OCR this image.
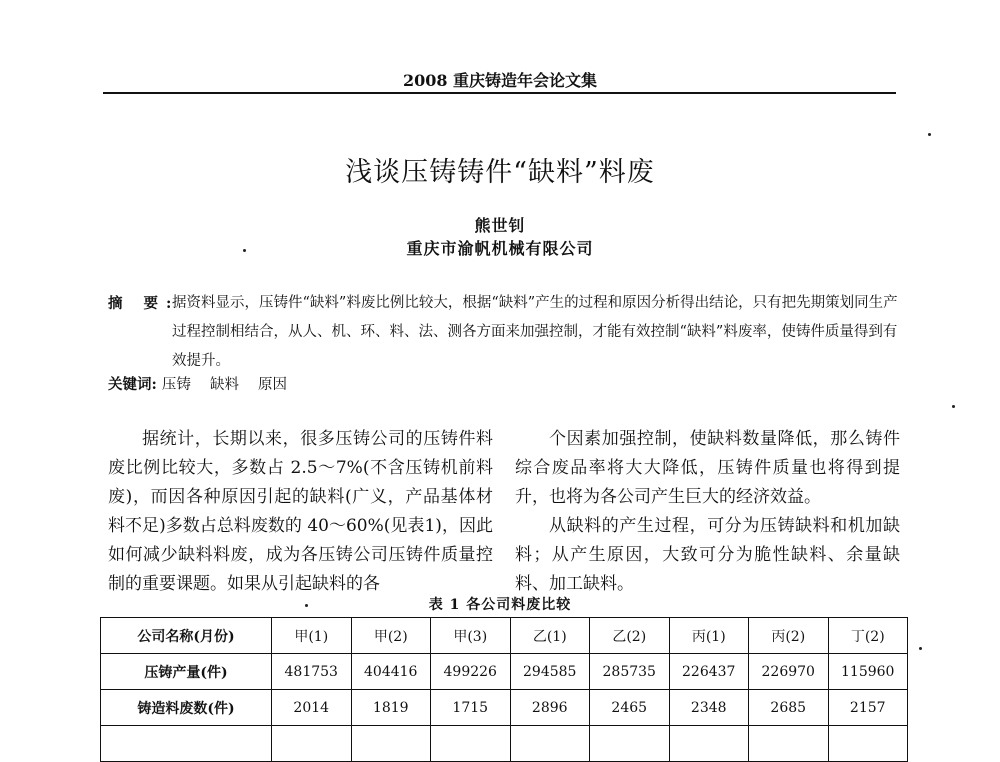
2008 重庆铸造年会论文集
浅谈压铸铸件“缺料”料废
熊世钊
重庆市渝帆机械有限公司
摘 要:
据资料显示，压铸件“缺料”料废比例比较大，根据“缺料”产生的过程和原因分析得出结论，只有把先期策划同生产过程控制相结合，从人、机、环、料、法、测各方面来加强控制，才能有效控制“缺料”料废率，使铸件质量得到有效提升。
关键词: 压铸 缺料 原因

据统计，长期以来，很多压铸公司的压铸件料废比例比较大，多数占 2.5～7%(不含压铸机前料废)，而因各种原因引起的缺料(广义，产品基体材料不足)多数占总料废数的 40～60%(见表1)，因此如何减少缺料料废，成为各压铸公司压铸件质量控制的重要课题。如果从引起缺料的各

个因素加强控制，使缺料数量降低，那么铸件综合废品率将大大降低，压铸件质量也将得到提升，也将为各公司产生巨大的经济效益。

从缺料的产生过程，可分为压铸缺料和机加缺料；从产生原因，大致可分为脆性缺料、余量缺料、加工缺料。

表 1 各公司料废比较
公司名称(月份)	甲(1)	甲(2)	甲(3)	乙(1)	乙(2)	丙(1)	丙(2)	丁(2)
压铸产量(件)	481753	404416	499226	294585	285735	226437	226970	115960
铸造料废数(件)	2014	1819	1715	2896	2465	2348	2685	2157
